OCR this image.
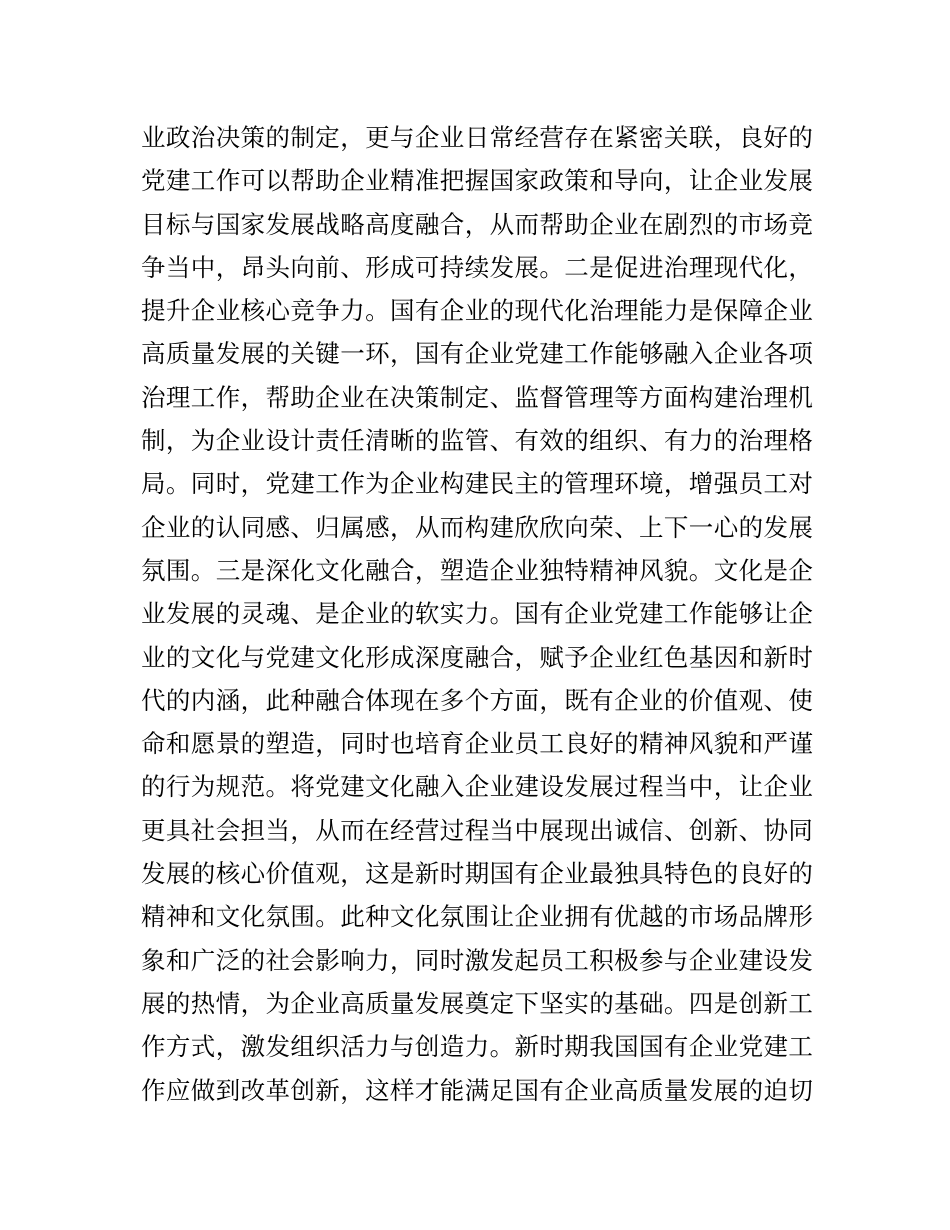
业政治决策的制定，更与企业日常经营存在紧密关联，良好的
党建工作可以帮助企业精准把握国家政策和导向，让企业发展
目标与国家发展战略高度融合，从而帮助企业在剧烈的市场竞
争当中，昂头向前、形成可持续发展。二是促进治理现代化，
提升企业核心竞争力。国有企业的现代化治理能力是保障企业
高质量发展的关键一环，国有企业党建工作能够融入企业各项
治理工作，帮助企业在决策制定、监督管理等方面构建治理机
制，为企业设计责任清晰的监管、有效的组织、有力的治理格
局。同时，党建工作为企业构建民主的管理环境，增强员工对
企业的认同感、归属感，从而构建欣欣向荣、上下一心的发展
氛围。三是深化文化融合，塑造企业独特精神风貌。文化是企
业发展的灵魂、是企业的软实力。国有企业党建工作能够让企
业的文化与党建文化形成深度融合，赋予企业红色基因和新时
代的内涵，此种融合体现在多个方面，既有企业的价值观、使
命和愿景的塑造，同时也培育企业员工良好的精神风貌和严谨
的行为规范。将党建文化融入企业建设发展过程当中，让企业
更具社会担当，从而在经营过程当中展现出诚信、创新、协同
发展的核心价值观，这是新时期国有企业最独具特色的良好的
精神和文化氛围。此种文化氛围让企业拥有优越的市场品牌形
象和广泛的社会影响力，同时激发起员工积极参与企业建设发
展的热情，为企业高质量发展奠定下坚实的基础。四是创新工
作方式，激发组织活力与创造力。新时期我国国有企业党建工
作应做到改革创新，这样才能满足国有企业高质量发展的迫切
